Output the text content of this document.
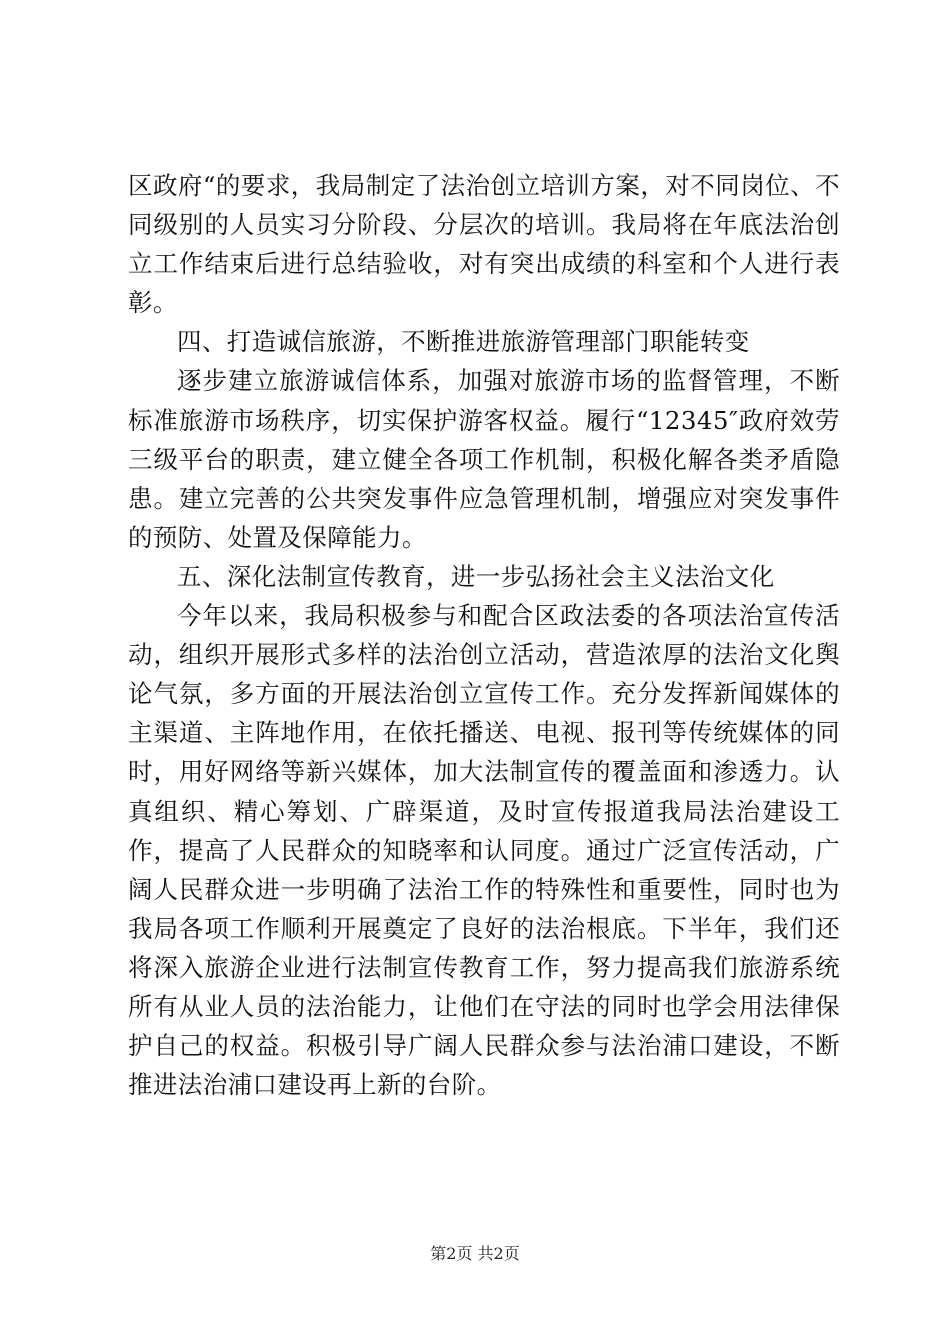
区政府“的要求，我局制定了法治创立培训方案，对不同岗位、不同级别的人员实习分阶段、分层次的培训。我局将在年底法治创立工作结束后进行总结验收，对有突出成绩的科室和个人进行表彰。

四、打造诚信旅游，不断推进旅游管理部门职能转变

逐步建立旅游诚信体系，加强对旅游市场的监督管理，不断标准旅游市场秩序，切实保护游客权益。履行“12345″政府效劳三级平台的职责，建立健全各项工作机制，积极化解各类矛盾隐患。建立完善的公共突发事件应急管理机制，增强应对突发事件的预防、处置及保障能力。

五、深化法制宣传教育，进一步弘扬社会主义法治文化

今年以来，我局积极参与和配合区政法委的各项法治宣传活动，组织开展形式多样的法治创立活动，营造浓厚的法治文化舆论气氛，多方面的开展法治创立宣传工作。充分发挥新闻媒体的主渠道、主阵地作用，在依托播送、电视、报刊等传统媒体的同时，用好网络等新兴媒体，加大法制宣传的覆盖面和渗透力。认真组织、精心筹划、广辟渠道，及时宣传报道我局法治建设工作，提高了人民群众的知晓率和认同度。通过广泛宣传活动，广阔人民群众进一步明确了法治工作的特殊性和重要性，同时也为我局各项工作顺利开展奠定了良好的法治根底。下半年，我们还将深入旅游企业进行法制宣传教育工作，努力提高我们旅游系统所有从业人员的法治能力，让他们在守法的同时也学会用法律保护自己的权益。积极引导广阔人民群众参与法治浦口建设，不断推进法治浦口建设再上新的台阶。

第2页 共2页
